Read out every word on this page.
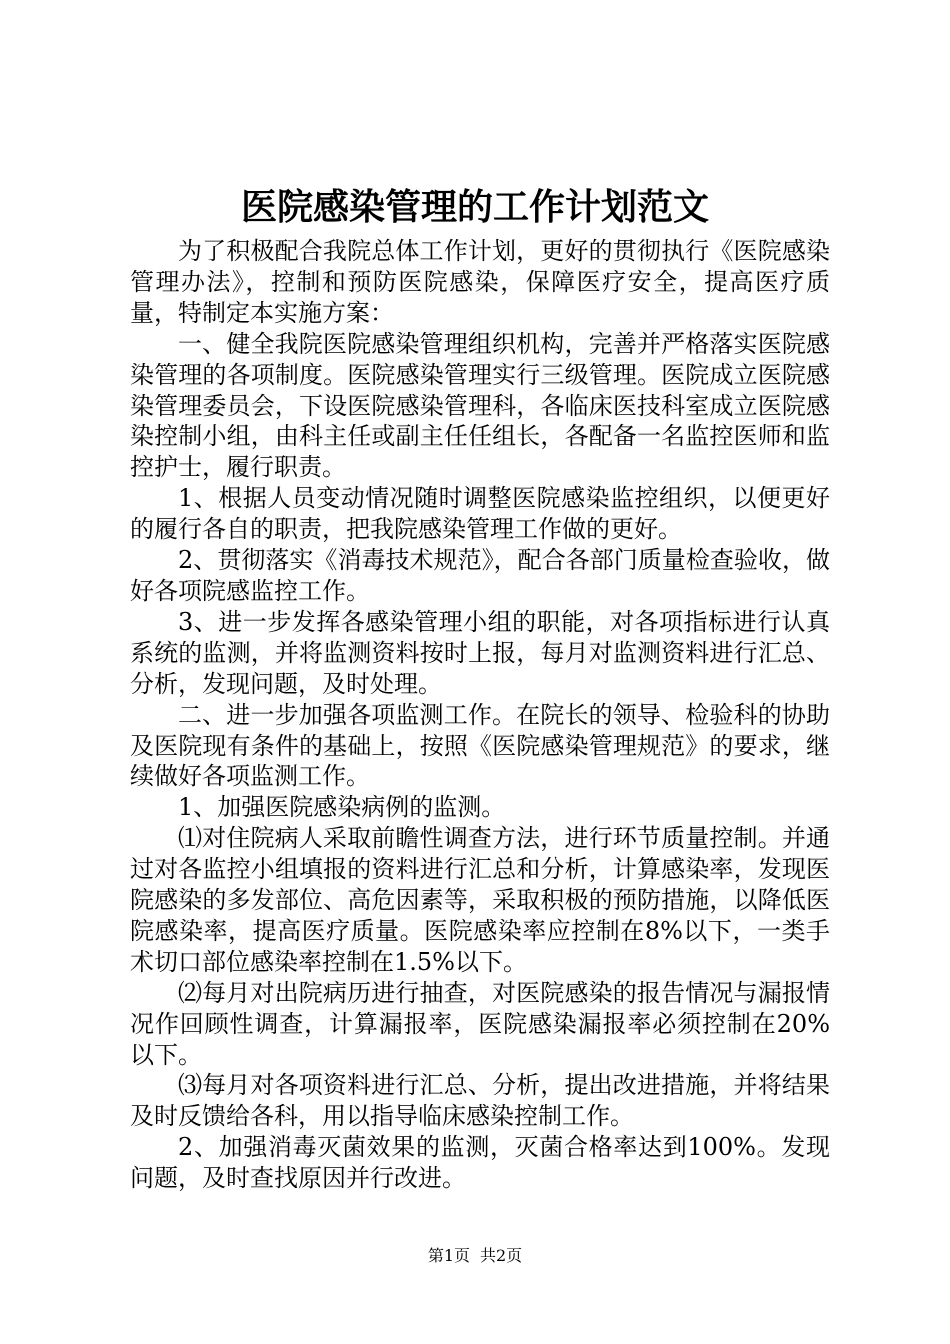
医院感染管理的工作计划范文

为了积极配合我院总体工作计划，更好的贯彻执行《医院感染管理办法》，控制和预防医院感染，保障医疗安全，提高医疗质量，特制定本实施方案：

一、健全我院医院感染管理组织机构，完善并严格落实医院感染管理的各项制度。医院感染管理实行三级管理。医院成立医院感染管理委员会，下设医院感染管理科，各临床医技科室成立医院感染控制小组，由科主任或副主任任组长，各配备一名监控医师和监控护士，履行职责。

1、根据人员变动情况随时调整医院感染监控组织，以便更好的履行各自的职责，把我院感染管理工作做的更好。

2、贯彻落实《消毒技术规范》，配合各部门质量检查验收，做好各项院感监控工作。

3、进一步发挥各感染管理小组的职能，对各项指标进行认真系统的监测，并将监测资料按时上报，每月对监测资料进行汇总、分析，发现问题，及时处理。

二、进一步加强各项监测工作。在院长的领导、检验科的协助及医院现有条件的基础上，按照《医院感染管理规范》的要求，继续做好各项监测工作。

1、加强医院感染病例的监测。

⑴对住院病人采取前瞻性调查方法，进行环节质量控制。并通过对各监控小组填报的资料进行汇总和分析，计算感染率，发现医院感染的多发部位、高危因素等，采取积极的预防措施，以降低医院感染率，提高医疗质量。医院感染率应控制在8%以下，一类手术切口部位感染率控制在1.5%以下。

⑵每月对出院病历进行抽查，对医院感染的报告情况与漏报情况作回顾性调查，计算漏报率，医院感染漏报率必须控制在20%以下。

⑶每月对各项资料进行汇总、分析，提出改进措施，并将结果及时反馈给各科，用以指导临床感染控制工作。

2、加强消毒灭菌效果的监测，灭菌合格率达到100%。发现问题，及时查找原因并行改进。

第1页 共2页
